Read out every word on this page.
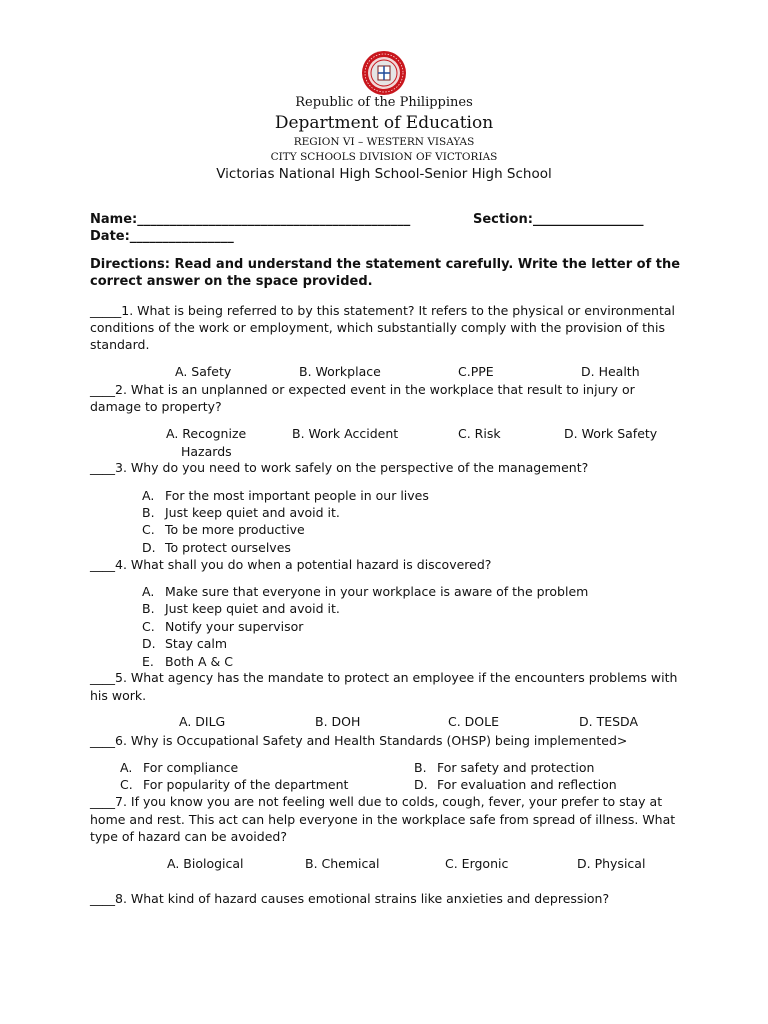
Republic of the Philippines
Department of Education
REGION VI – WESTERN VISAYAS
CITY SCHOOLS DIVISION OF VICTORIAS
Victorias National High School-Senior High School
Name:__________________________________________	Section:_________________
Date:________________
Directions: Read and understand the statement carefully. Write the letter of the
correct answer on the space provided.
_____1. What is being referred to by this statement? It refers to the physical or environmental
conditions of the work or employment, which substantially comply with the provision of this
standard.
A. Safety	B. Workplace	C.PPE	D. Health
____2. What is an unplanned or expected event in the workplace that result to injury or
damage to property?
A. Recognize
Hazards
B. Work Accident	C. Risk	D. Work Safety
____3. Why do you need to work safely on the perspective of the management?
A. For the most important people in our lives
B. Just keep quiet and avoid it.
C. To be more productive
D. To protect ourselves
____4. What shall you do when a potential hazard is discovered?
A. Make sure that everyone in your workplace is aware of the problem
B. Just keep quiet and avoid it.
C. Notify your supervisor
D. Stay calm
E. Both A & C
____5. What agency has the mandate to protect an employee if the encounters problems with
his work.
A. DILG	B. DOH	C. DOLE	D. TESDA
____6. Why is Occupational Safety and Health Standards (OHSP) being implemented>
A. For compliance	B. For safety and protection
C. For popularity of the department	D. For evaluation and reflection
____7. If you know you are not feeling well due to colds, cough, fever, your prefer to stay at
home and rest. This act can help everyone in the workplace safe from spread of illness. What
type of hazard can be avoided?
A. Biological	B. Chemical	C. Ergonic	D. Physical
____8. What kind of hazard causes emotional strains like anxieties and depression?
